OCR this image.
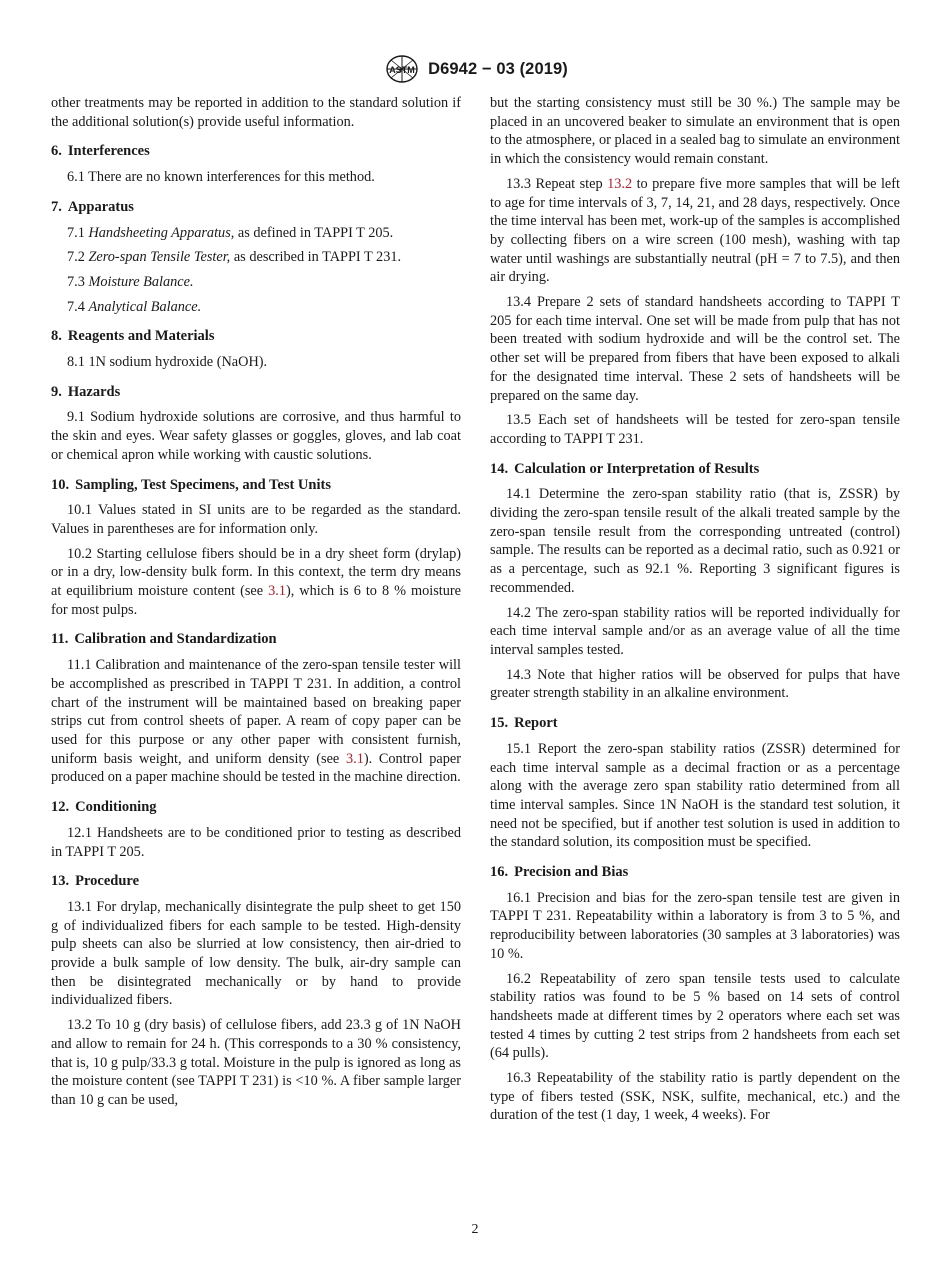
ASTM D6942 − 03 (2019)

other treatments may be reported in addition to the standard solution if the additional solution(s) provide useful information.

6. Interferences

6.1 There are no known interferences for this method.

7. Apparatus

7.1 Handsheeting Apparatus, as defined in TAPPI T 205.

7.2 Zero-span Tensile Tester, as described in TAPPI T 231.

7.3 Moisture Balance.

7.4 Analytical Balance.

8. Reagents and Materials

8.1 1N sodium hydroxide (NaOH).

9. Hazards

9.1 Sodium hydroxide solutions are corrosive, and thus harmful to the skin and eyes. Wear safety glasses or goggles, gloves, and lab coat or chemical apron while working with caustic solutions.

10. Sampling, Test Specimens, and Test Units

10.1 Values stated in SI units are to be regarded as the standard. Values in parentheses are for information only.

10.2 Starting cellulose fibers should be in a dry sheet form (drylap) or in a dry, low-density bulk form. In this context, the term dry means at equilibrium moisture content (see 3.1), which is 6 to 8 % moisture for most pulps.

11. Calibration and Standardization

11.1 Calibration and maintenance of the zero-span tensile tester will be accomplished as prescribed in TAPPI T 231. In addition, a control chart of the instrument will be maintained based on breaking paper strips cut from control sheets of paper. A ream of copy paper can be used for this purpose or any other paper with consistent furnish, uniform basis weight, and uniform density (see 3.1). Control paper produced on a paper machine should be tested in the machine direction.

12. Conditioning

12.1 Handsheets are to be conditioned prior to testing as described in TAPPI T 205.

13. Procedure

13.1 For drylap, mechanically disintegrate the pulp sheet to get 150 g of individualized fibers for each sample to be tested. High-density pulp sheets can also be slurried at low consistency, then air-dried to provide a bulk sample of low density. The bulk, air-dry sample can then be disintegrated mechanically or by hand to provide individualized fibers.

13.2 To 10 g (dry basis) of cellulose fibers, add 23.3 g of 1N NaOH and allow to remain for 24 h. (This corresponds to a 30 % consistency, that is, 10 g pulp/33.3 g total. Moisture in the pulp is ignored as long as the moisture content (see TAPPI T 231) is <10 %. A fiber sample larger than 10 g can be used,

but the starting consistency must still be 30 %.) The sample may be placed in an uncovered beaker to simulate an environment that is open to the atmosphere, or placed in a sealed bag to simulate an environment in which the consistency would remain constant.

13.3 Repeat step 13.2 to prepare five more samples that will be left to age for time intervals of 3, 7, 14, 21, and 28 days, respectively. Once the time interval has been met, work-up of the samples is accomplished by collecting fibers on a wire screen (100 mesh), washing with tap water until washings are substantially neutral (pH = 7 to 7.5), and then air drying.

13.4 Prepare 2 sets of standard handsheets according to TAPPI T 205 for each time interval. One set will be made from pulp that has not been treated with sodium hydroxide and will be the control set. The other set will be prepared from fibers that have been exposed to alkali for the designated time interval. These 2 sets of handsheets will be prepared on the same day.

13.5 Each set of handsheets will be tested for zero-span tensile according to TAPPI T 231.

14. Calculation or Interpretation of Results

14.1 Determine the zero-span stability ratio (that is, ZSSR) by dividing the zero-span tensile result of the alkali treated sample by the zero-span tensile result from the corresponding untreated (control) sample. The results can be reported as a decimal ratio, such as 0.921 or as a percentage, such as 92.1 %. Reporting 3 significant figures is recommended.

14.2 The zero-span stability ratios will be reported individually for each time interval sample and/or as an average value of all the time interval samples tested.

14.3 Note that higher ratios will be observed for pulps that have greater strength stability in an alkaline environment.

15. Report

15.1 Report the zero-span stability ratios (ZSSR) determined for each time interval sample as a decimal fraction or as a percentage along with the average zero span stability ratio determined from all time interval samples. Since 1N NaOH is the standard test solution, it need not be specified, but if another test solution is used in addition to the standard solution, its composition must be specified.

16. Precision and Bias

16.1 Precision and bias for the zero-span tensile test are given in TAPPI T 231. Repeatability within a laboratory is from 3 to 5 %, and reproducibility between laboratories (30 samples at 3 laboratories) was 10 %.

16.2 Repeatability of zero span tensile tests used to calculate stability ratios was found to be 5 % based on 14 sets of control handsheets made at different times by 2 operators where each set was tested 4 times by cutting 2 test strips from 2 handsheets from each set (64 pulls).

16.3 Repeatability of the stability ratio is partly dependent on the type of fibers tested (SSK, NSK, sulfite, mechanical, etc.) and the duration of the test (1 day, 1 week, 4 weeks). For

2
